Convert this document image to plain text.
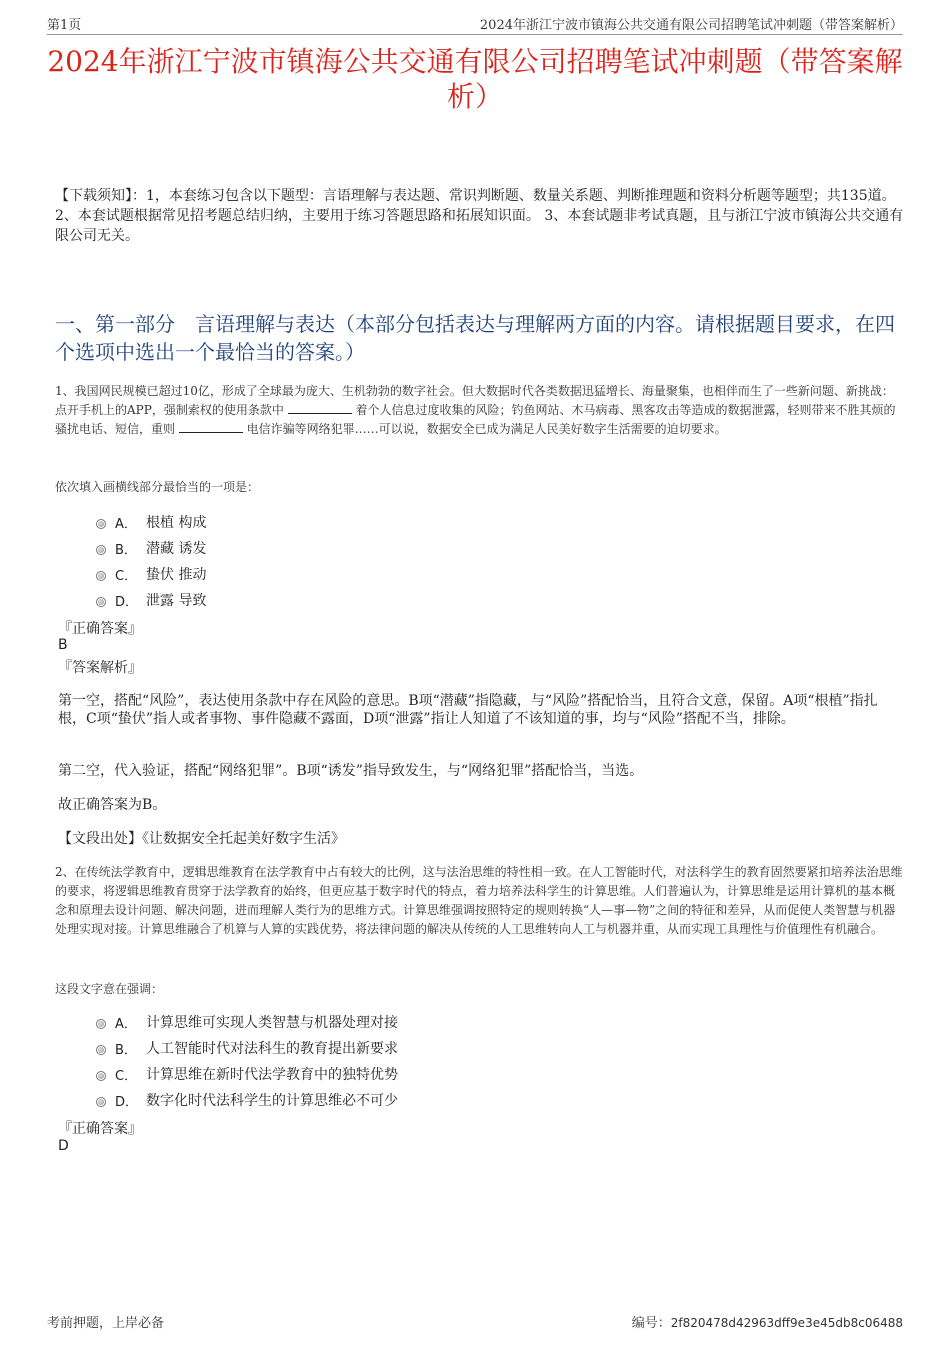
第1页	2024年浙江宁波市镇海公共交通有限公司招聘笔试冲刺题（带答案解析）
2024年浙江宁波市镇海公共交通有限公司招聘笔试冲刺题（带答案解析）
【下载须知】：1，本套练习包含以下题型：言语理解与表达题、常识判断题、数量关系题、判断推理题和资料分析题等题型；共135道。 2、本套试题根据常见招考题总结归纳，主要用于练习答题思路和拓展知识面。 3、本套试题非考试真题，且与浙江宁波市镇海公共交通有限公司无关。
一、第一部分　言语理解与表达（本部分包括表达与理解两方面的内容。请根据题目要求，在四个选项中选出一个最恰当的答案。）
1、我国网民规模已超过10亿，形成了全球最为庞大、生机勃勃的数字社会。但大数据时代各类数据迅猛增长、海量聚集，也相伴而生了一些新问题、新挑战：点开手机上的APP，强制索权的使用条款中	着个人信息过度收集的风险；钓鱼网站、木马病毒、黑客攻击等造成的数据泄露，轻则带来不胜其烦的骚扰电话、短信，重则	电信诈骗等网络犯罪……可以说，数据安全已成为满足人民美好数字生活需要的迫切要求。
依次填入画横线部分最恰当的一项是：
A． 根植 构成
B． 潜藏 诱发
C． 蛰伏 推动
D． 泄露 导致
『正确答案』
B
『答案解析』
第一空，搭配“风险”，表达使用条款中存在风险的意思。B项“潜藏”指隐藏，与“风险”搭配恰当，且符合文意，保留。A项“根植”指扎根，C项“蛰伏”指人或者事物、事件隐藏不露面，D项“泄露”指让人知道了不该知道的事，均与“风险”搭配不当，排除。
第二空，代入验证，搭配“网络犯罪”。B项“诱发”指导致发生，与“网络犯罪”搭配恰当，当选。
故正确答案为B。
【文段出处】《让数据安全托起美好数字生活》
2、在传统法学教育中，逻辑思维教育在法学教育中占有较大的比例，这与法治思维的特性相一致。在人工智能时代，对法科学生的教育固然要紧扣培养法治思维的要求，将逻辑思维教育贯穿于法学教育的始终，但更应基于数字时代的特点，着力培养法科学生的计算思维。人们普遍认为，计算思维是运用计算机的基本概念和原理去设计问题、解决问题，进而理解人类行为的思维方式。计算思维强调按照特定的规则转换“人—事—物”之间的特征和差异，从而促使人类智慧与机器处理实现对接。计算思维融合了机算与人算的实践优势，将法律问题的解决从传统的人工思维转向人工与机器并重，从而实现工具理性与价值理性有机融合。
这段文字意在强调：
A． 计算思维可实现人类智慧与机器处理对接
B． 人工智能时代对法科生的教育提出新要求
C． 计算思维在新时代法学教育中的独特优势
D． 数字化时代法科学生的计算思维必不可少
『正确答案』
D
考前押题，上岸必备	编号：2f820478d42963dff9e3e45db8c06488
